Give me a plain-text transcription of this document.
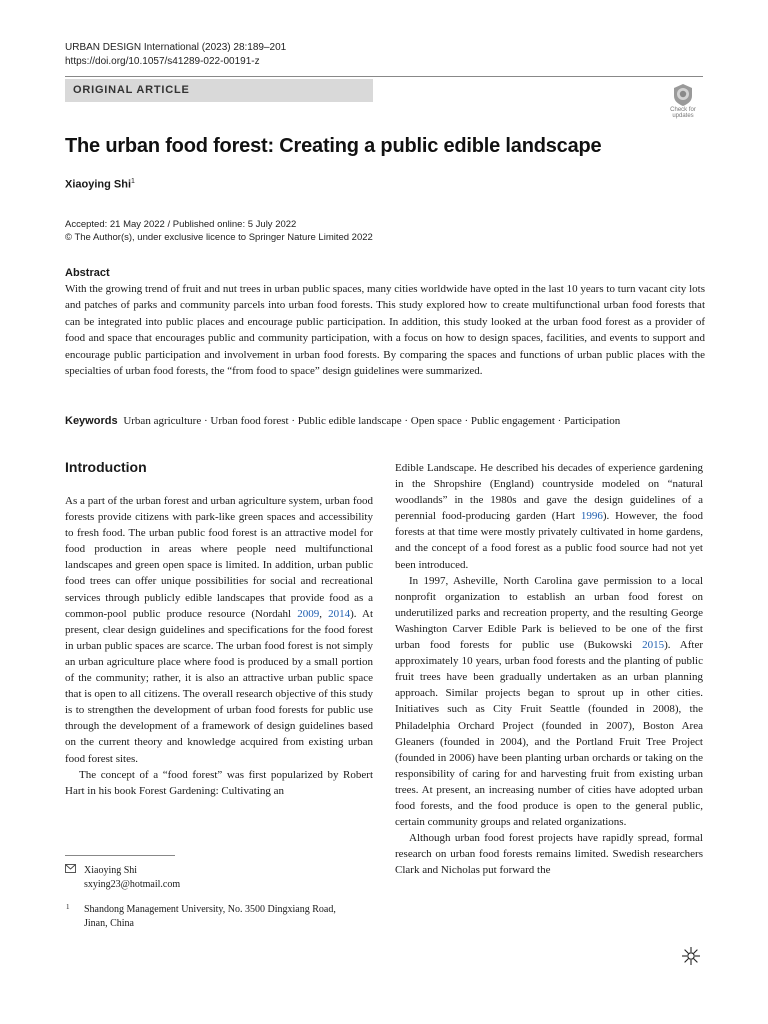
URBAN DESIGN International (2023) 28:189–201
https://doi.org/10.1057/s41289-022-00191-z
ORIGINAL ARTICLE
Check for
updates
The urban food forest: Creating a public edible landscape
Xiaoying Shi$^1$
Accepted: 21 May 2022 / Published online: 5 July 2022
© The Author(s), under exclusive licence to Springer Nature Limited 2022
Abstract
With the growing trend of fruit and nut trees in urban public spaces, many cities worldwide have opted in the last 10 years to turn vacant city lots and patches of parks and community parcels into urban food forests. This study explored how to create multifunctional urban food forests that can be integrated into public places and encourage public participation. In addition, this study looked at the urban food forest as a provider of food and space that encourages public and community participation, with a focus on how to design spaces, facilities, and events to support and encourage public participation and involvement in urban food forests. By comparing the spaces and functions of urban public places with the specialties of urban food forests, the “from food to space” design guidelines were summarized.
Keywords Urban agriculture · Urban food forest · Public edible landscape · Open space · Public engagement · Participation
Introduction

As a part of the urban forest and urban agriculture system, urban food forests provide citizens with park-like green spaces and accessibility to fresh food. The urban public food forest is an attractive model for food production in areas where people need multifunctional landscapes and green open space is limited. In addition, urban public food trees can offer unique possibilities for social and recreational services through publicly edible landscapes that provide food as a common-pool public produce resource (Nordahl 2009, 2014). At present, clear design guidelines and specifications for the food forest in urban public spaces are scarce. The urban food forest is not simply an urban agriculture place where food is produced by a small portion of the community; rather, it is also an attractive urban public space that is open to all citizens. The overall research objective of this study is to strengthen the development of urban food forests for public use through the development of a framework of design guidelines based on the current theory and knowledge acquired from existing urban food forest sites.

The concept of a “food forest” was first popularized by Robert Hart in his book Forest Gardening: Cultivating an

Edible Landscape. He described his decades of experience gardening in the Shropshire (England) countryside modeled on “natural woodlands” in the 1980s and gave the design guidelines of a perennial food-producing garden (Hart 1996). However, the food forests at that time were mostly privately cultivated in home gardens, and the concept of a food forest as a public food source had not yet been introduced.

In 1997, Asheville, North Carolina gave permission to a local nonprofit organization to establish an urban food forest on underutilized parks and recreation property, and the resulting George Washington Carver Edible Park is believed to be one of the first urban food forests for public use (Bukowski 2015). After approximately 10 years, urban food forests and the planting of public fruit trees have been gradually undertaken as an urban planning approach. Similar projects began to sprout up in other cities. Initiatives such as City Fruit Seattle (founded in 2008), the Philadelphia Orchard Project (founded in 2007), Boston Area Gleaners (founded in 2004), and the Portland Fruit Tree Project (founded in 2006) have been planting urban orchards or taking on the responsibility of caring for and harvesting fruit from existing urban trees. At present, an increasing number of cities have adopted urban food forests, and the food produce is open to the general public, certain community groups and related organizations.

Although urban food forest projects have rapidly spread, formal research on urban food forests remains limited. Swedish researchers Clark and Nicholas put forward the

Xiaoying Shi
sxying23@hotmail.com
1 Shandong Management University, No. 3500 Dingxiang Road, Jinan, China
